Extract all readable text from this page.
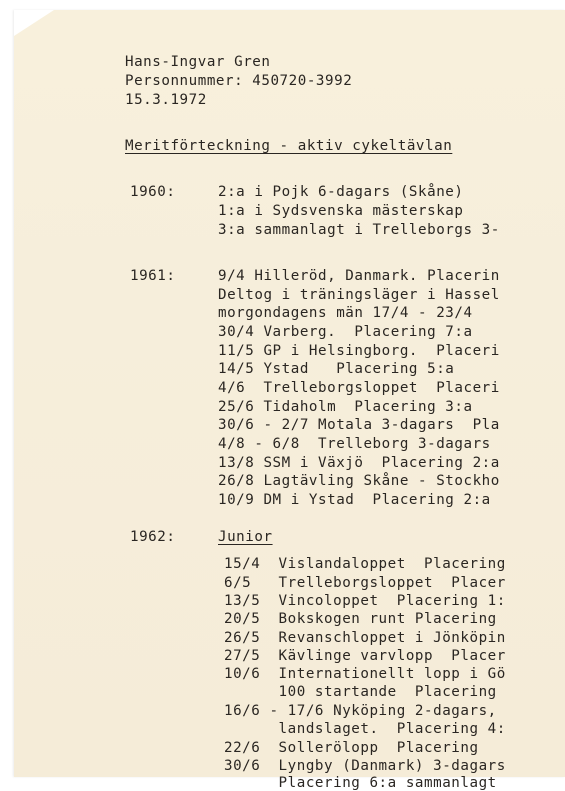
Hans-Ingvar Gren
Personnummer: 450720-3992
15.3.1972
Meritförteckning - aktiv cykeltävlan
1960:	2:a i Pojk 6-dagars (Skåne)
1:a i Sydsvenska mästerskap
3:a sammanlagt i Trelleborgs 3-
1961:	9/4 Hilleröd, Danmark. Placerin
Deltog i träningsläger i Hassel
morgondagens män 17/4 - 23/4
30/4 Varberg.  Placering 7:a
11/5 GP i Helsingborg.  Placeri
14/5 Ystad   Placering 5:a
4/6  Trelleborgsloppet  Placeri
25/6 Tidaholm  Placering 3:a
30/6 - 2/7 Motala 3-dagars  Pla
4/8 - 6/8  Trelleborg 3-dagars
13/8 SSM i Växjö  Placering 2:a
26/8 Lagtävling Skåne - Stockho
10/9 DM i Ystad  Placering 2:a
1962:	Junior
15/4  Vislandaloppet  Placering
6/5   Trelleborgsloppet  Placer
13/5  Vincoloppet  Placering 1:
20/5  Bokskogen runt Placering
26/5  Revanschloppet i Jönköpin
27/5  Kävlinge varvlopp  Placer
10/6  Internationellt lopp i Gö
100 startande  Placering
16/6 - 17/6 Nyköping 2-dagars,
landslaget.  Placering 4:
22/6  Sollerölopp  Placering
30/6  Lyngby (Danmark) 3-dagars
Placering 6:a sammanlagt
